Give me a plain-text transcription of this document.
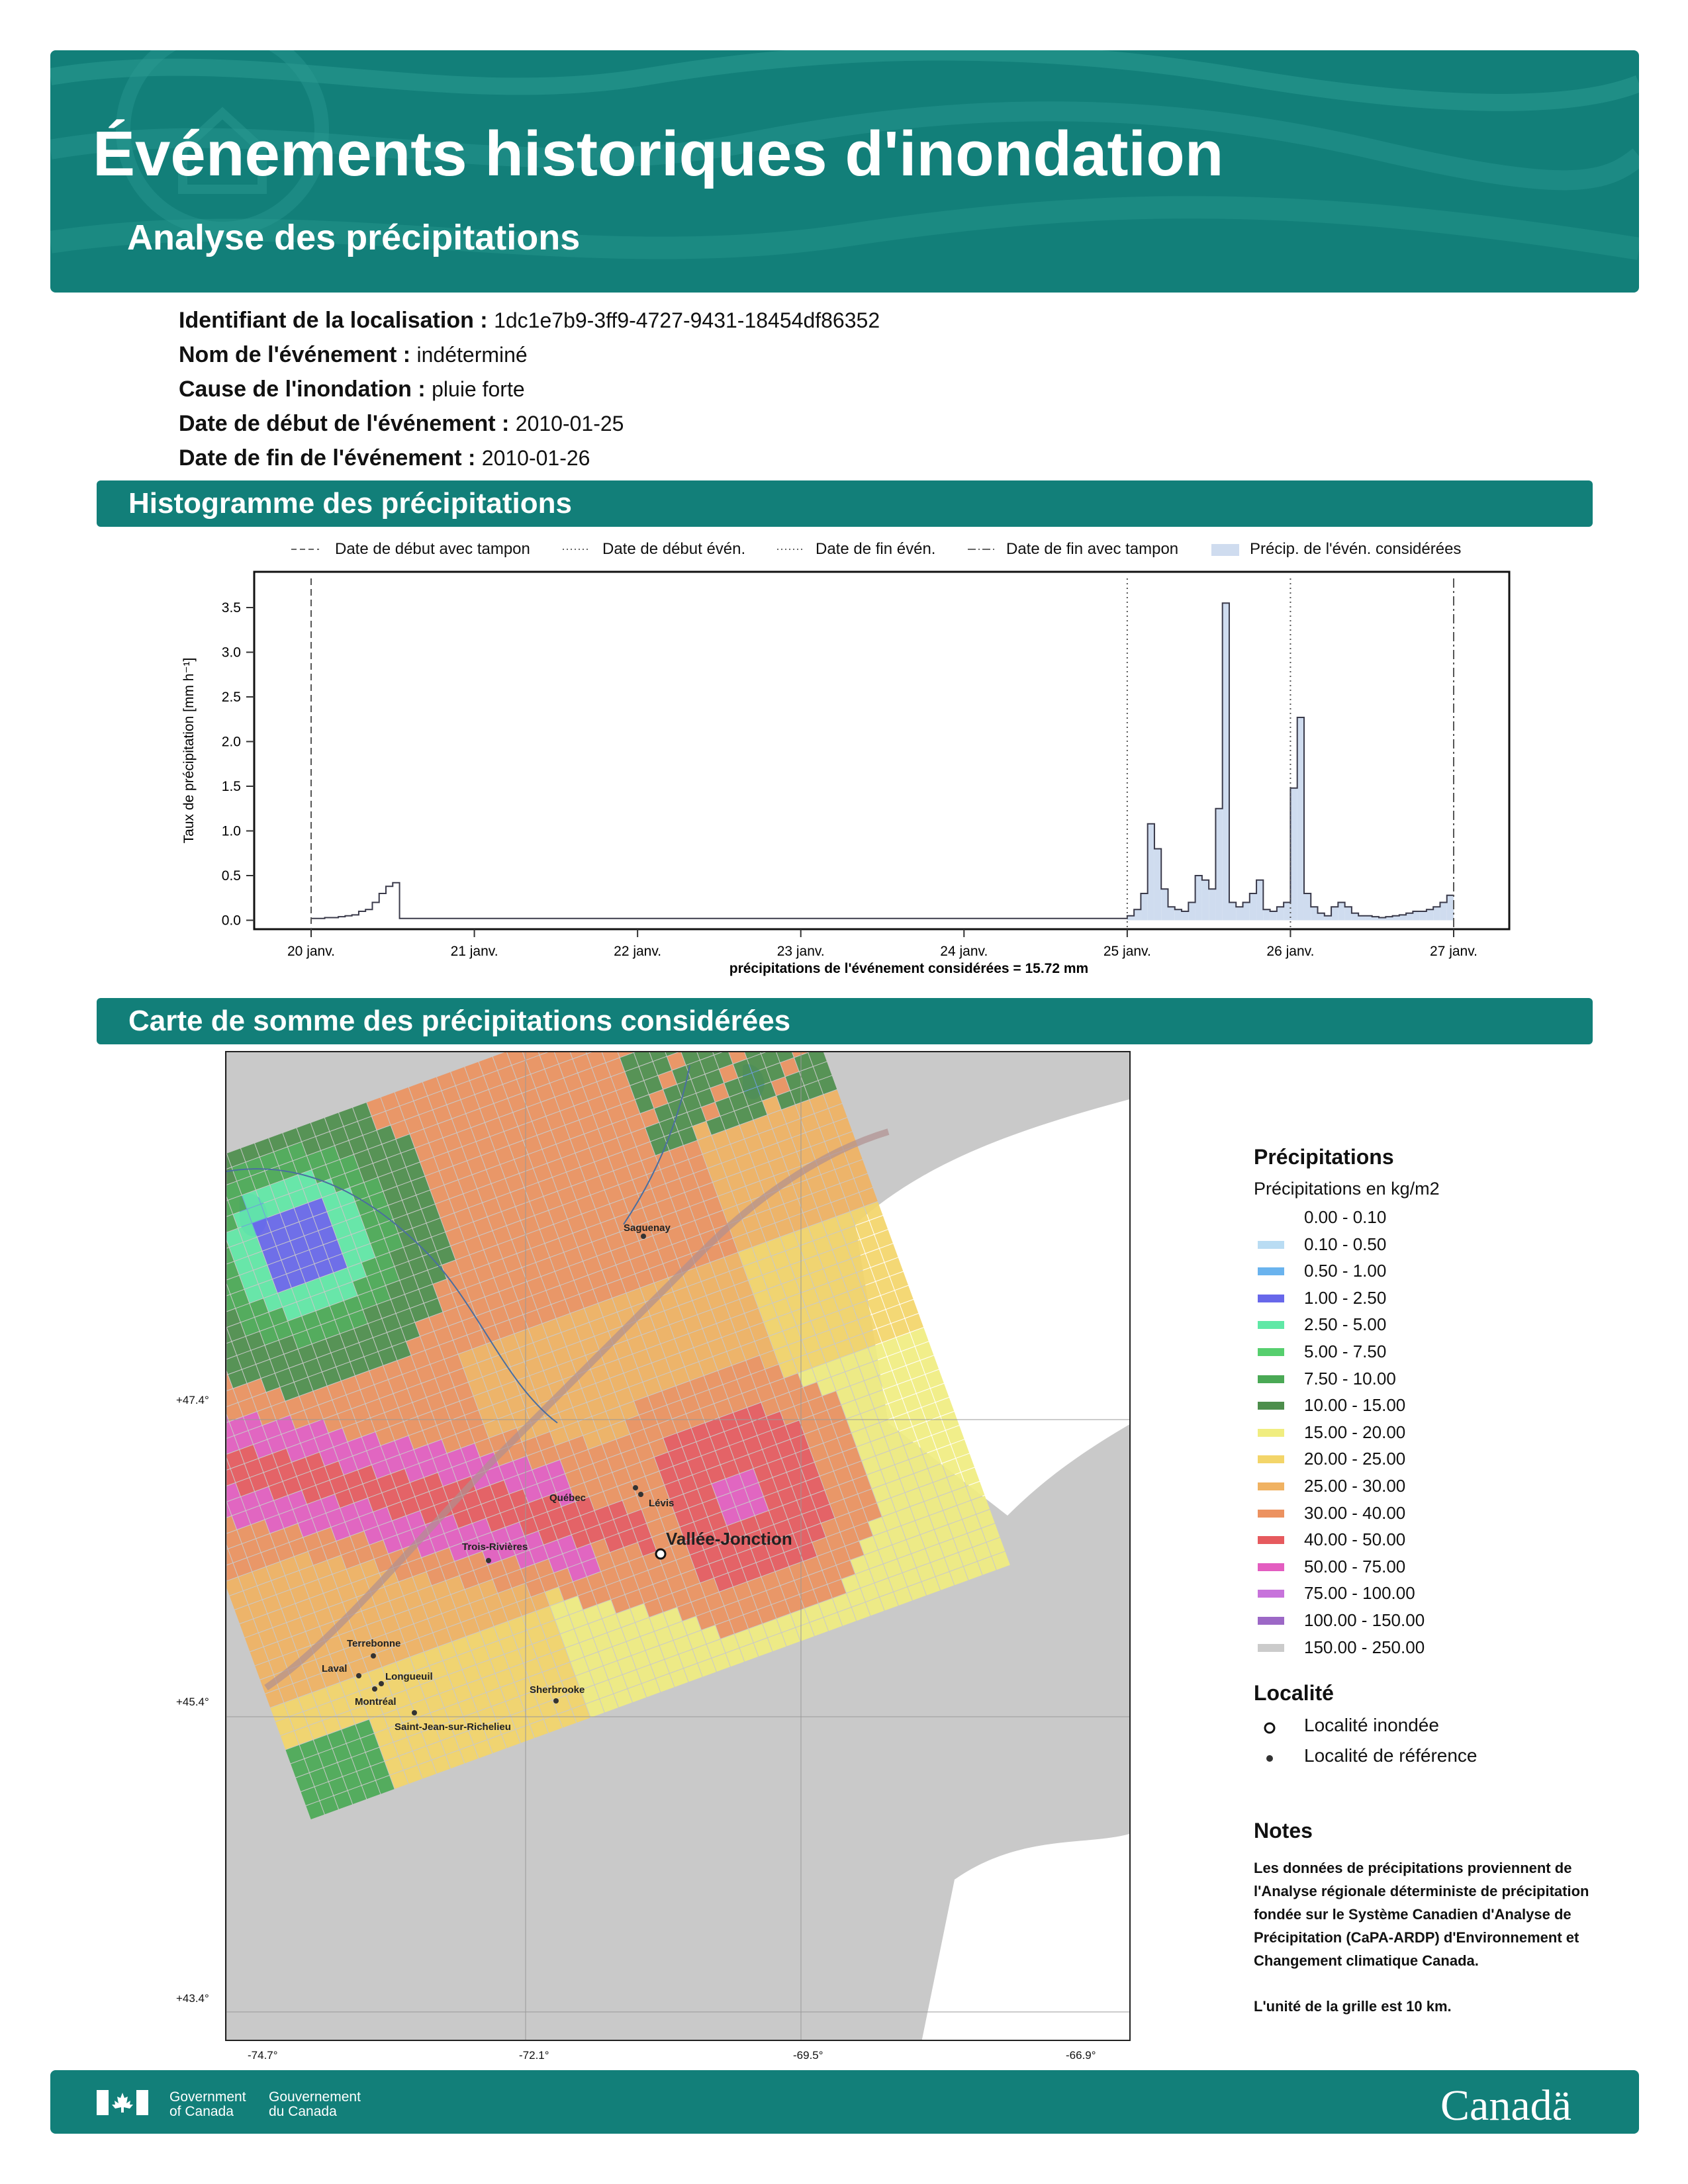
Événements historiques d'inondation
Analyse des précipitations
Identifiant de la localisation : 1dc1e7b9-3ff9-4727-9431-18454df86352
Nom de l'événement : indéterminé
Cause de l'inondation : pluie forte
Date de début de l'événement : 2010-01-25
Date de fin de l'événement : 2010-01-26
Histogramme des précipitations
Date de début avec tampon	Date de début évén.	Date de fin évén.	Date de fin avec tampon	Précip. de l'évén. considérées
0.0
0.5
1.0
1.5
2.0
2.5
3.0
3.5
20 janv.	21 janv.	22 janv.	23 janv.	24 janv.	25 janv.	26 janv.	27 janv.
Taux de précipitation [mm h⁻¹]
précipitations de l'événement considérées = 15.72 mm
Carte de somme des précipitations considérées
Saguenay
Québec	Lévis
Vallée-Jonction
Trois-Rivières
Terrebonne
Laval
Longueuil
Montréal
Sherbrooke
Saint-Jean-sur-Richelieu
+47.4°
+45.4°
+43.4°
-74.7°	-72.1°	-69.5°	-66.9°
Précipitations
Précipitations en kg/m2
0.00 - 0.10
0.10 - 0.50
0.50 - 1.00
1.00 - 2.50
2.50 - 5.00
5.00 - 7.50
7.50 - 10.00
10.00 - 15.00
15.00 - 20.00
20.00 - 25.00
25.00 - 30.00
30.00 - 40.00
40.00 - 50.00
50.00 - 75.00
75.00 - 100.00
100.00 - 150.00
150.00 - 250.00
Localité
Localité inondée
Localité de référence
Notes

Les données de précipitations proviennent de l'Analyse régionale déterministe de précipitation fondée sur le Système Canadien d'Analyse de Précipitation (CaPA-ARDP) d'Environnement et Changement climatique Canada.

L'unité de la grille est 10 km.

Government
of Canada
Gouvernement
du Canada	Canadä
